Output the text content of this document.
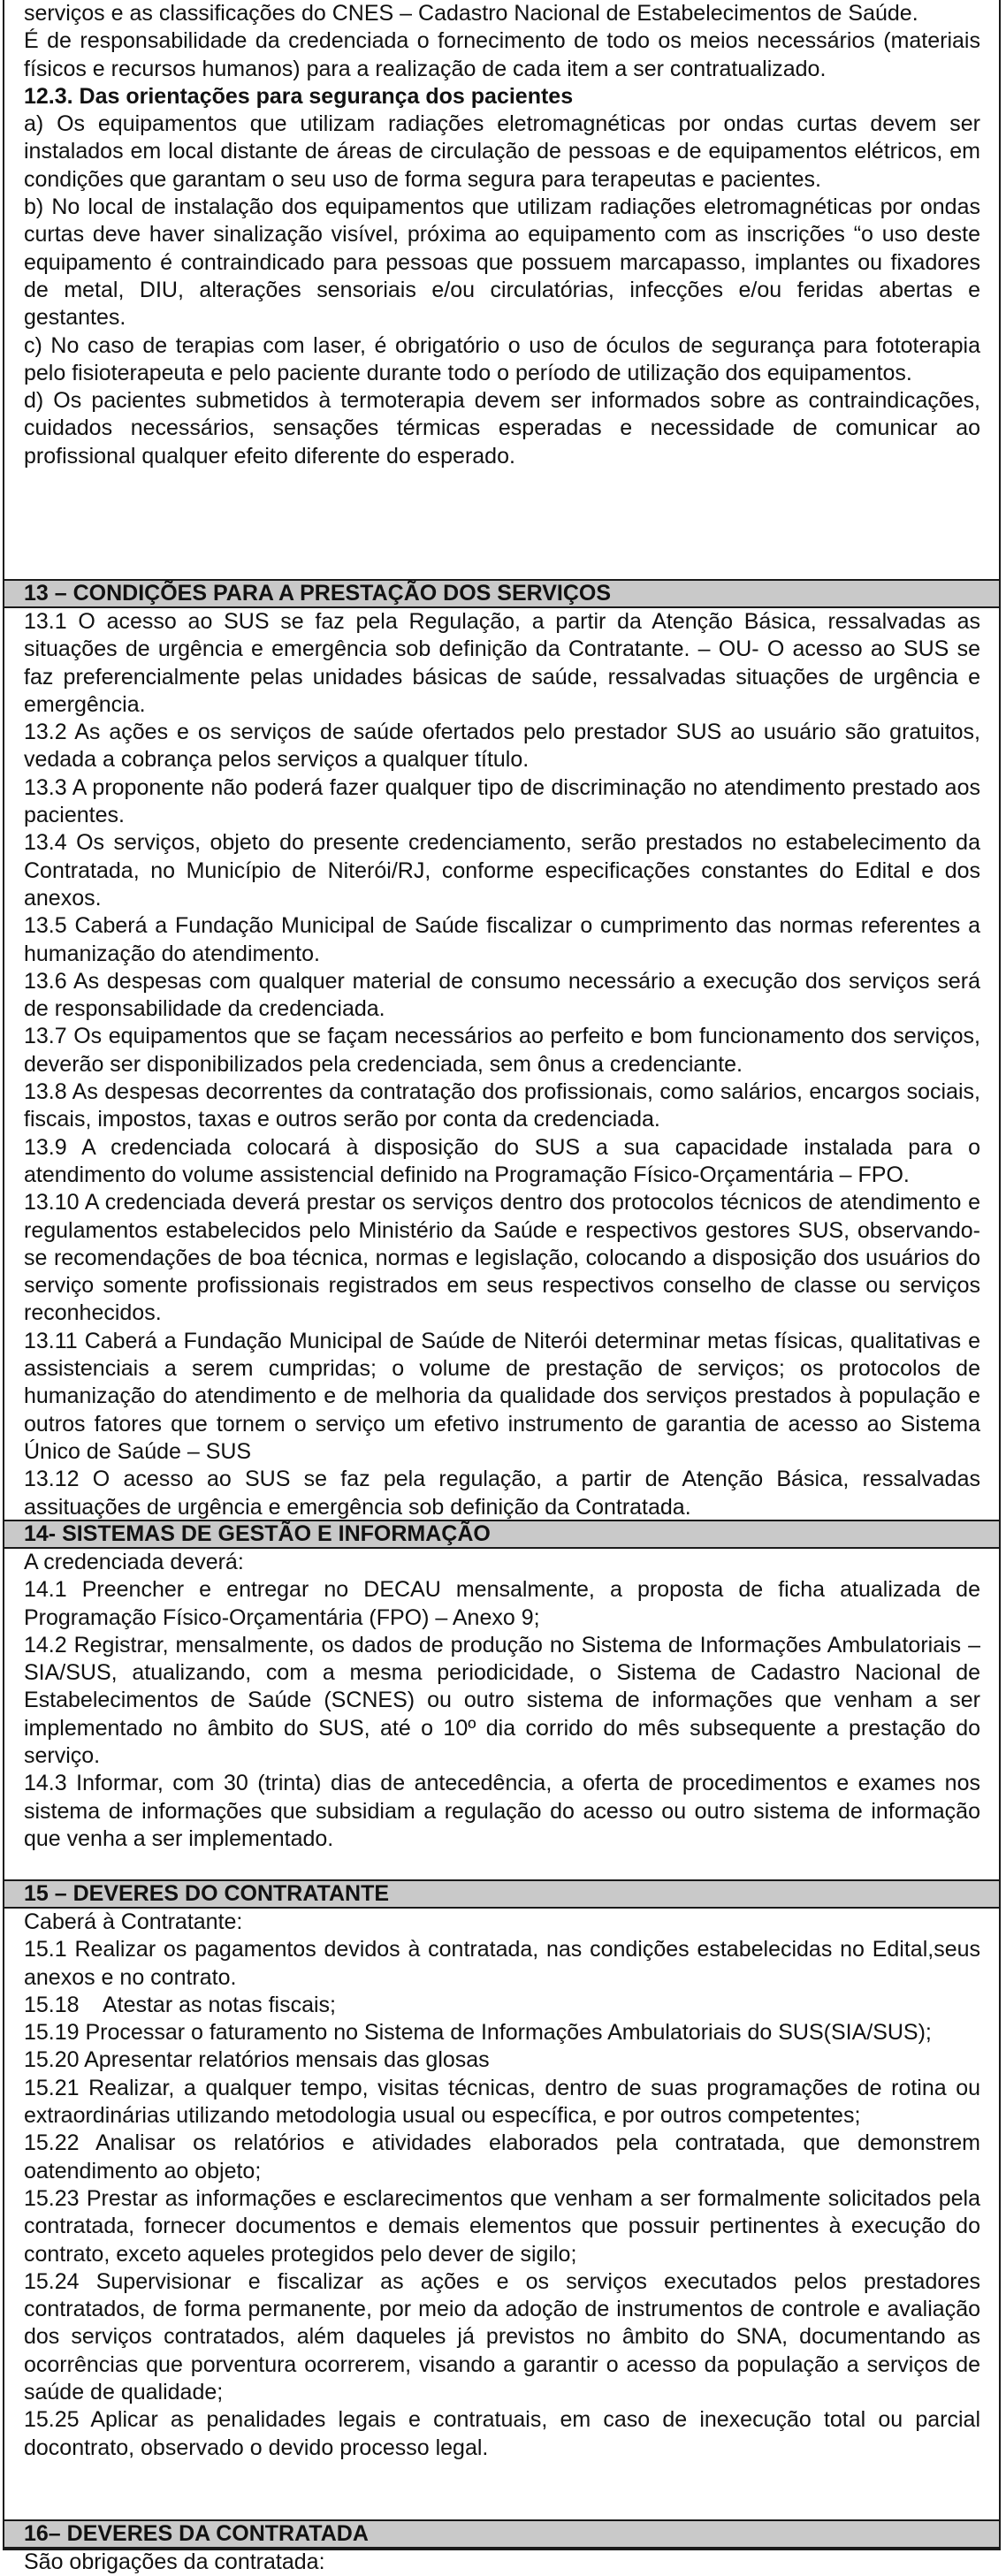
serviços e as classificações do CNES – Cadastro Nacional de Estabelecimentos de Saúde.

É de responsabilidade da credenciada o fornecimento de todo os meios necessários (materiais físicos e recursos humanos) para a realização de cada item a ser contratualizado.

12.3. Das orientações para segurança dos pacientes

a) Os equipamentos que utilizam radiações eletromagnéticas por ondas curtas devem ser instalados em local distante de áreas de circulação de pessoas e de equipamentos elétricos, em condições que garantam o seu uso de forma segura para terapeutas e pacientes.

b) No local de instalação dos equipamentos que utilizam radiações eletromagnéticas por ondas curtas deve haver sinalização visível, próxima ao equipamento com as inscrições “o uso deste equipamento é contraindicado para pessoas que possuem marcapasso, implantes ou fixadores de metal, DIU, alterações sensoriais e/ou circulatórias, infecções e/ou feridas abertas e gestantes.

c) No caso de terapias com laser, é obrigatório o uso de óculos de segurança para fototerapia pelo fisioterapeuta e pelo paciente durante todo o período de utilização dos equipamentos.

d) Os pacientes submetidos à termoterapia devem ser informados sobre as contraindicações, cuidados necessários, sensações térmicas esperadas e necessidade de comunicar ao profissional qualquer efeito diferente do esperado.

13 – CONDIÇÕES PARA A PRESTAÇÃO DOS SERVIÇOS

13.1 O acesso ao SUS se faz pela Regulação, a partir da Atenção Básica, ressalvadas as situações de urgência e emergência sob definição da Contratante. – OU- O acesso ao SUS se faz preferencialmente pelas unidades básicas de saúde, ressalvadas situações de urgência e emergência.

13.2 As ações e os serviços de saúde ofertados pelo prestador SUS ao usuário são gratuitos, vedada a cobrança pelos serviços a qualquer título.

13.3 A proponente não poderá fazer qualquer tipo de discriminação no atendimento prestado aos pacientes.

13.4 Os serviços, objeto do presente credenciamento, serão prestados no estabelecimento da Contratada, no Município de Niterói/RJ, conforme especificações constantes do Edital e dos anexos.

13.5 Caberá a Fundação Municipal de Saúde fiscalizar o cumprimento das normas referentes a humanização do atendimento.

13.6 As despesas com qualquer material de consumo necessário a execução dos serviços será de responsabilidade da credenciada.

13.7 Os equipamentos que se façam necessários ao perfeito e bom funcionamento dos serviços, deverão ser disponibilizados pela credenciada, sem ônus a credenciante.

13.8 As despesas decorrentes da contratação dos profissionais, como salários, encargos sociais, fiscais, impostos, taxas e outros serão por conta da credenciada.

13.9 A credenciada colocará à disposição do SUS a sua capacidade instalada para o atendimento do volume assistencial definido na Programação Físico-Orçamentária – FPO.

13.10 A credenciada deverá prestar os serviços dentro dos protocolos técnicos de atendimento e regulamentos estabelecidos pelo Ministério da Saúde e respectivos gestores SUS, observando-se recomendações de boa técnica, normas e legislação, colocando a disposição dos usuários do serviço somente profissionais registrados em seus respectivos conselho de classe ou serviços reconhecidos.

13.11 Caberá a Fundação Municipal de Saúde de Niterói determinar metas físicas, qualitativas e assistenciais a serem cumpridas; o volume de prestação de serviços; os protocolos de humanização do atendimento e de melhoria da qualidade dos serviços prestados à população e outros fatores que tornem o serviço um efetivo instrumento de garantia de acesso ao Sistema Único de Saúde – SUS

13.12 O acesso ao SUS se faz pela regulação, a partir de Atenção Básica, ressalvadas assituações de urgência e emergência sob definição da Contratada.

14- SISTEMAS DE GESTÃO E INFORMAÇÃO

A credenciada deverá:

14.1 Preencher e entregar no DECAU mensalmente, a proposta de ficha atualizada de Programação Físico-Orçamentária (FPO) – Anexo 9;

14.2 Registrar, mensalmente, os dados de produção no Sistema de Informações Ambulatoriais – SIA/SUS, atualizando, com a mesma periodicidade, o Sistema de Cadastro Nacional de Estabelecimentos de Saúde (SCNES) ou outro sistema de informações que venham a ser implementado no âmbito do SUS, até o 10º dia corrido do mês subsequente a prestação do serviço.

14.3 Informar, com 30 (trinta) dias de antecedência, a oferta de procedimentos e exames nos sistema de informações que subsidiam a regulação do acesso ou outro sistema de informação que venha a ser implementado.

15 – DEVERES DO CONTRATANTE

Caberá à Contratante:

15.1 Realizar os pagamentos devidos à contratada, nas condições estabelecidas no Edital,seus anexos e no contrato.

15.18    Atestar as notas fiscais;

15.19 Processar o faturamento no Sistema de Informações Ambulatoriais do SUS(SIA/SUS);

15.20 Apresentar relatórios mensais das glosas

15.21 Realizar, a qualquer tempo, visitas técnicas, dentro de suas programações de rotina ou extraordinárias utilizando metodologia usual ou específica, e por outros competentes;

15.22 Analisar os relatórios e atividades elaborados pela contratada, que demonstrem oatendimento ao objeto;

15.23 Prestar as informações e esclarecimentos que venham a ser formalmente solicitados pela contratada, fornecer documentos e demais elementos que possuir pertinentes à execução do contrato, exceto aqueles protegidos pelo dever de sigilo;

15.24 Supervisionar e fiscalizar as ações e os serviços executados pelos prestadores contratados, de forma permanente, por meio da adoção de instrumentos de controle e avaliação dos serviços contratados, além daqueles já previstos no âmbito do SNA, documentando as ocorrências que porventura ocorrerem, visando a garantir o acesso da população a serviços de saúde de qualidade;

15.25 Aplicar as penalidades legais e contratuais, em caso de inexecução total ou parcial docontrato, observado o devido processo legal.

16– DEVERES DA CONTRATADA

São obrigações da contratada:
